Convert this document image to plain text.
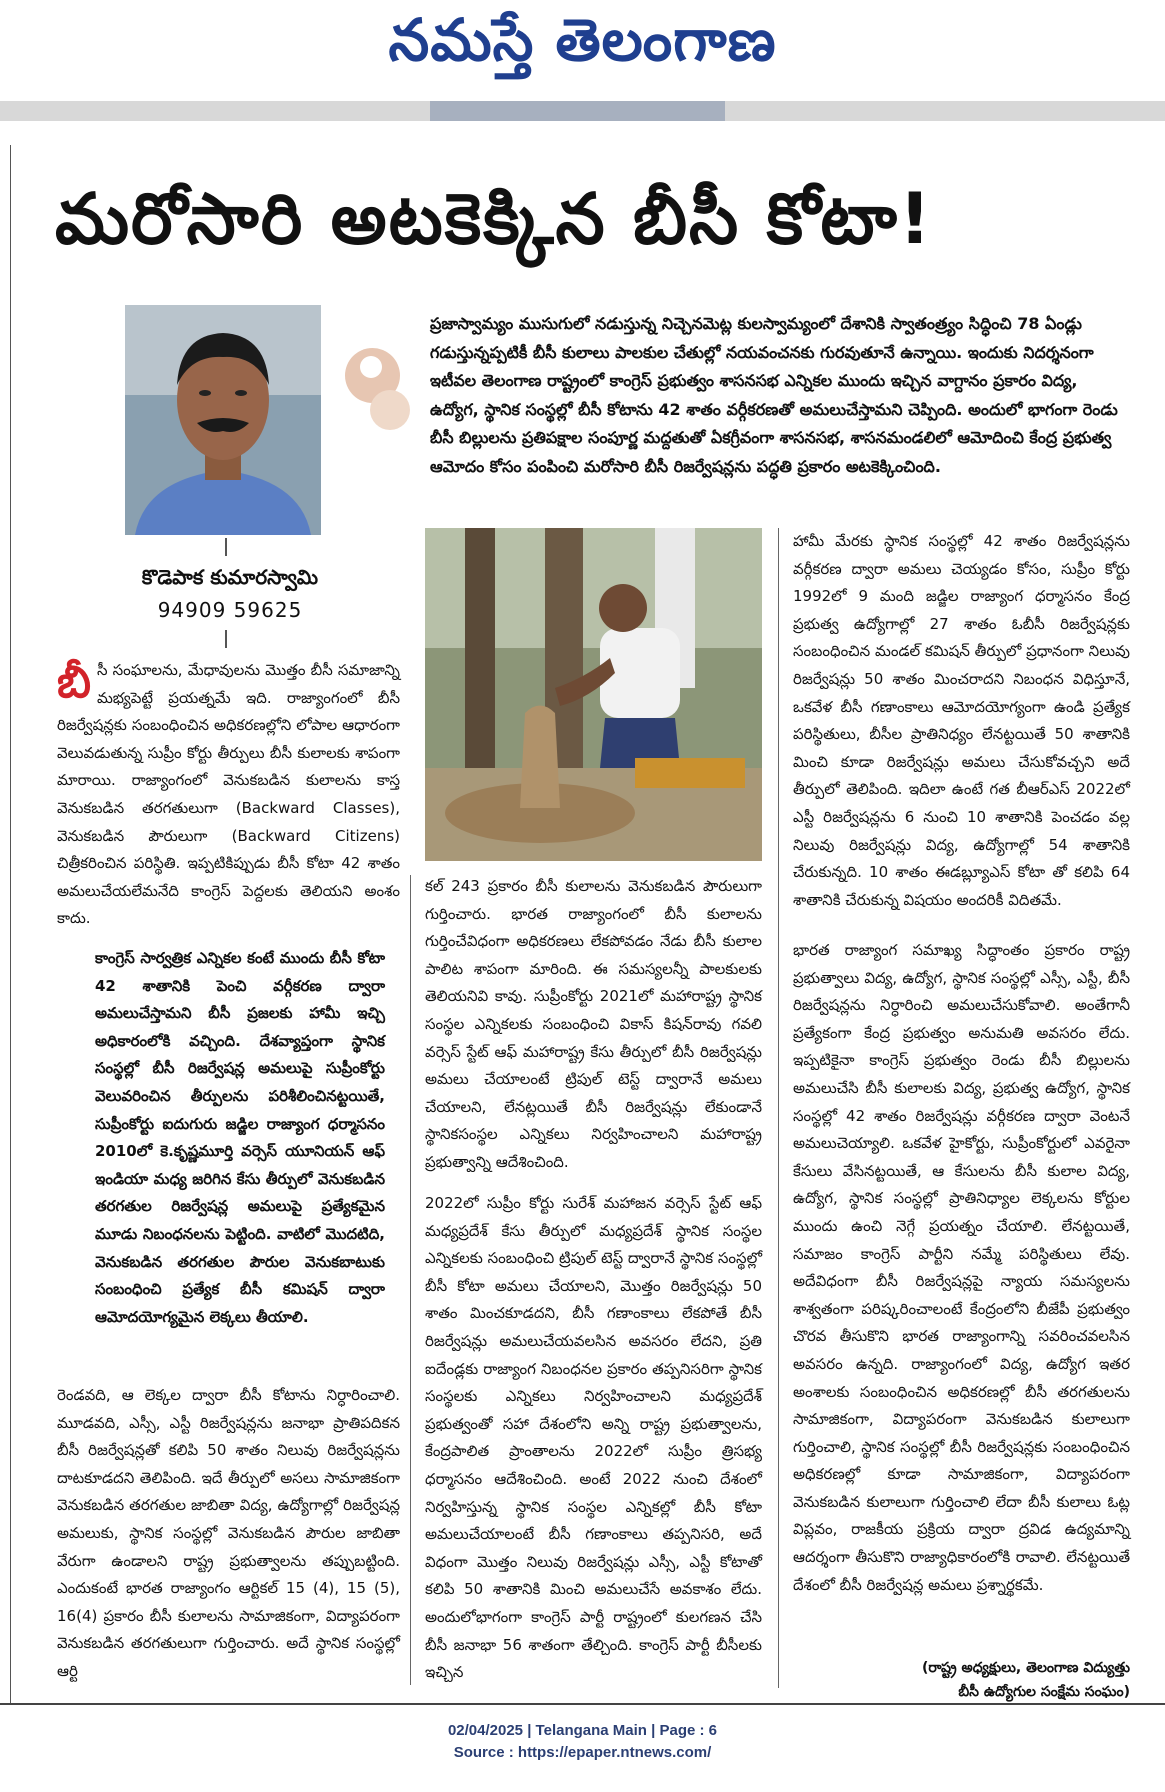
నమస్తే తెలంగాణ
మరోసారి అటకెక్కిన బీసీ కోటా!
కొడెపాక కుమారస్వామి
94909 59625
ప్రజాస్వామ్యం ముసుగులో నడుస్తున్న నిచ్చెనమెట్ల కులస్వామ్యంలో దేశానికి స్వాతంత్ర్యం సిద్ధించి 78 ఏండ్లు గడుస్తున్నప్పటికీ బీసీ కులాలు పాలకుల చేతుల్లో నయవంచనకు గురవుతూనే ఉన్నాయి. ఇందుకు నిదర్శనంగా ఇటీవల తెలంగాణ రాష్ట్రంలో కాంగ్రెస్ ప్రభుత్వం శాసనసభ ఎన్నికల ముందు ఇచ్చిన వాగ్దానం ప్రకారం విద్య, ఉద్యోగ, స్థానిక సంస్థల్లో బీసీ కోటాను 42 శాతం వర్గీకరణతో అమలుచేస్తామని చెప్పింది. అందులో భాగంగా రెండు బీసీ బిల్లులను ప్రతిపక్షాల సంపూర్ణ మద్దతుతో ఏకగ్రీవంగా శాసనసభ, శాసనమండలిలో ఆమోదించి కేంద్ర ప్రభుత్వ ఆమోదం కోసం పంపించి మరోసారి బీసీ రిజర్వేషన్లను పద్ధతి ప్రకారం అటకెక్కించింది.
బీ సీ సంఘాలను, మేధావులను మొత్తం బీసీ సమాజాన్ని మభ్యపెట్టే ప్రయత్నమే ఇది. రాజ్యాంగంలో బీసీ రిజర్వేషన్లకు సంబంధించిన అధికరణల్లోని లోపాల ఆధారంగా వెలువడుతున్న సుప్రీం కోర్టు తీర్పులు బీసీ కులాలకు శాపంగా మారాయి. రాజ్యాంగంలో వెనుకబడిన కులాలను కాస్త వెనుకబడిన తరగతులుగా (Backward Classes), వెనుకబడిన పౌరులుగా (Backward Citizens) చిత్రీకరించిన పరిస్థితి. ఇప్పటికిప్పుడు బీసీ కోటా 42 శాతం అమలుచేయలేమనేది కాంగ్రెస్ పెద్దలకు తెలియని అంశం కాదు.
కాంగ్రెస్ సార్వత్రిక ఎన్నికల కంటే ముందు బీసీ కోటా 42 శాతానికి పెంచి వర్గీకరణ ద్వారా అమలుచేస్తామని బీసీ ప్రజలకు హామీ ఇచ్చి అధికారంలోకి వచ్చింది. దేశవ్యాప్తంగా స్థానిక సంస్థల్లో బీసీ రిజర్వేషన్ల అమలుపై సుప్రీంకోర్టు వెలువరించిన తీర్పులను పరిశీలించినట్టయితే, సుప్రీంకోర్టు ఐదుగురు జడ్జిల రాజ్యాంగ ధర్మాసనం 2010లో కె.కృష్ణమూర్తి వర్సెస్ యూనియన్ ఆఫ్ ఇండియా మధ్య జరిగిన కేసు తీర్పులో వెనుకబడిన తరగతుల రిజర్వేషన్ల అమలుపై ప్రత్యేకమైన మూడు నిబంధనలను పెట్టింది. వాటిలో మొదటిది, వెనుకబడిన తరగతుల పౌరుల వెనుకబాటుకు సంబంధించి ప్రత్యేక బీసీ కమిషన్ ద్వారా ఆమోదయోగ్యమైన లెక్కలు తీయాలి.
రెండవది, ఆ లెక్కల ద్వారా బీసీ కోటాను నిర్ధారించాలి. మూడవది, ఎస్సీ, ఎస్టీ రిజర్వేషన్లను జనాభా ప్రాతిపదికన బీసీ రిజర్వేషన్లతో కలిపి 50 శాతం నిలువు రిజర్వేషన్లను దాటకూడదని తెలిపింది. ఇదే తీర్పులో అసలు సామాజికంగా వెనుకబడిన తరగతుల జాబితా విద్య, ఉద్యోగాల్లో రిజర్వేషన్ల అమలుకు, స్థానిక సంస్థల్లో వెనుకబడిన పౌరుల జాబితా వేరుగా ఉండాలని రాష్ట్ర ప్రభుత్వాలను తప్పుబట్టింది. ఎందుకంటే భారత రాజ్యాంగం ఆర్టికల్ 15 (4), 15 (5), 16(4) ప్రకారం బీసీ కులాలను సామాజికంగా, విద్యాపరంగా వెనుకబడిన తరగతులుగా గుర్తించారు. అదే స్థానిక సంస్థల్లో ఆర్టి
కల్ 243 ప్రకారం బీసీ కులాలను వెనుకబడిన పౌరులుగా గుర్తించారు. భారత రాజ్యాంగంలో బీసీ కులాలను గుర్తించేవిధంగా అధికరణలు లేకపోవడం నేడు బీసీ కులాల పాలిట శాపంగా మారింది. ఈ సమస్యలన్నీ పాలకులకు తెలియనివి కావు. సుప్రీంకోర్టు 2021లో మహారాష్ట్ర స్థానిక సంస్థల ఎన్నికలకు సంబంధించి వికాస్ కిషన్‌రావు గవలి వర్సెస్ స్టేట్ ఆఫ్ మహారాష్ట్ర కేసు తీర్పులో బీసీ రిజర్వేషన్లు అమలు చేయాలంటే ట్రిపుల్ టెస్ట్ ద్వారానే అమలు చేయాలని, లేనట్లయితే బీసీ రిజర్వేషన్లు లేకుండానే స్థానికసంస్థల ఎన్నికలు నిర్వహించాలని మహారాష్ట్ర ప్రభుత్వాన్ని ఆదేశించింది.
2022లో సుప్రీం కోర్టు సురేశ్ మహాజన వర్సెస్ స్టేట్ ఆఫ్ మధ్యప్రదేశ్ కేసు తీర్పులో మధ్యప్రదేశ్ స్థానిక సంస్థల ఎన్నికలకు సంబంధించి ట్రిపుల్ టెస్ట్ ద్వారానే స్థానిక సంస్థల్లో బీసీ కోటా అమలు చేయాలని, మొత్తం రిజర్వేషన్లు 50 శాతం మించకూడదని, బీసీ గణాంకాలు లేకపోతే బీసీ రిజర్వేషన్లు అమలుచేయవలసిన అవసరం లేదని, ప్రతి ఐదేండ్లకు రాజ్యాంగ నిబంధనల ప్రకారం తప్పనిసరిగా స్థానిక సంస్థలకు ఎన్నికలు నిర్వహించాలని మధ్యప్రదేశ్ ప్రభుత్వంతో సహా దేశంలోని అన్ని రాష్ట్ర ప్రభుత్వాలను, కేంద్రపాలిత ప్రాంతాలను 2022లో సుప్రీం త్రిసభ్య ధర్మాసనం ఆదేశించింది. అంటే 2022 నుంచి దేశంలో నిర్వహిస్తున్న స్థానిక సంస్థల ఎన్నికల్లో బీసీ కోటా అమలుచేయాలంటే బీసీ గణాంకాలు తప్పనిసరి, అదే విధంగా మొత్తం నిలువు రిజర్వేషన్లు ఎస్సీ, ఎస్టీ కోటాతో కలిపి 50 శాతానికి మించి అమలుచేసే అవకాశం లేదు. అందులోభాగంగా కాంగ్రెస్ పార్టీ రాష్ట్రంలో కులగణన చేసి బీసీ జనాభా 56 శాతంగా తేల్చింది. కాంగ్రెస్ పార్టీ బీసీలకు ఇచ్చిన
హామీ మేరకు స్థానిక సంస్థల్లో 42 శాతం రిజర్వేషన్లను వర్గీకరణ ద్వారా అమలు చెయ్యడం కోసం, సుప్రీం కోర్టు 1992లో 9 మంది జడ్జిల రాజ్యాంగ ధర్మాసనం కేంద్ర ప్రభుత్వ ఉద్యోగాల్లో 27 శాతం ఓబీసీ రిజర్వేషన్లకు సంబంధించిన మండల్ కమిషన్ తీర్పులో ప్రధానంగా నిలువు రిజర్వేషన్లు 50 శాతం మించరాదని నిబంధన విధిస్తూనే, ఒకవేళ బీసీ గణాంకాలు ఆమోదయోగ్యంగా ఉండి ప్రత్యేక పరిస్థితులు, బీసీల ప్రాతినిధ్యం లేనట్టయితే 50 శాతానికి మించి కూడా రిజర్వేషన్లు అమలు చేసుకోవచ్చని అదే తీర్పులో తెలిపింది. ఇదిలా ఉంటే గత బీఆర్‌ఎస్ 2022లో ఎస్టీ రిజర్వేషన్లను 6 నుంచి 10 శాతానికి పెంచడం వల్ల నిలువు రిజర్వేషన్లు విద్య, ఉద్యోగాల్లో 54 శాతానికి చేరుకున్నది. 10 శాతం ఈడబ్ల్యూఎస్ కోటా తో కలిపి 64 శాతానికి చేరుకున్న విషయం అందరికీ విదితమే.
భారత రాజ్యాంగ సమాఖ్య సిద్ధాంతం ప్రకారం రాష్ట్ర ప్రభుత్వాలు విద్య, ఉద్యోగ, స్థానిక సంస్థల్లో ఎస్సీ, ఎస్టీ, బీసీ రిజర్వేషన్లను నిర్ధారించి అమలుచేసుకోవాలి. అంతేగానీ ప్రత్యేకంగా కేంద్ర ప్రభుత్వం అనుమతి అవసరం లేదు. ఇప్పటికైనా కాంగ్రెస్ ప్రభుత్వం రెండు బీసీ బిల్లులను అమలుచేసి బీసీ కులాలకు విద్య, ప్రభుత్వ ఉద్యోగ, స్థానిక సంస్థల్లో 42 శాతం రిజర్వేషన్లు వర్గీకరణ ద్వారా వెంటనే అమలుచెయ్యాలి. ఒకవేళ హైకోర్టు, సుప్రీంకోర్టులో ఎవరైనా కేసులు వేసినట్టయితే, ఆ కేసులను బీసీ కులాల విద్య, ఉద్యోగ, స్థానిక సంస్థల్లో ప్రాతినిధ్యాల లెక్కలను కోర్టుల ముందు ఉంచి నెగ్గే ప్రయత్నం చేయాలి. లేనట్టయితే, సమాజం కాంగ్రెస్ పార్టీని నమ్మే పరిస్థితులు లేవు. అదేవిధంగా బీసీ రిజర్వేషన్లపై న్యాయ సమస్యలను శాశ్వతంగా పరిష్కరించాలంటే కేంద్రంలోని బీజేపీ ప్రభుత్వం చొరవ తీసుకొని భారత రాజ్యాంగాన్ని సవరించవలసిన అవసరం ఉన్నది. రాజ్యాంగంలో విద్య, ఉద్యోగ ఇతర అంశాలకు సంబంధించిన అధికరణల్లో బీసీ తరగతులను సామాజికంగా, విద్యాపరంగా వెనుకబడిన కులాలుగా గుర్తించాలి, స్థానిక సంస్థల్లో బీసీ రిజర్వేషన్లకు సంబంధించిన అధికరణల్లో కూడా సామాజికంగా, విద్యాపరంగా వెనుకబడిన కులాలుగా గుర్తించాలి లేదా బీసీ కులాలు ఓట్ల విప్లవం, రాజకీయ ప్రక్రియ ద్వారా ద్రవిడ ఉద్యమాన్ని ఆదర్శంగా తీసుకొని రాజ్యాధికారంలోకి రావాలి. లేనట్టయితే దేశంలో బీసీ రిజర్వేషన్ల అమలు ప్రశ్నార్థకమే.
(రాష్ట్ర అధ్యక్షులు, తెలంగాణ విద్యుత్తు
బీసీ ఉద్యోగుల సంక్షేమ సంఘం)
02/04/2025 | Telangana Main | Page : 6
Source : https://epaper.ntnews.com/
